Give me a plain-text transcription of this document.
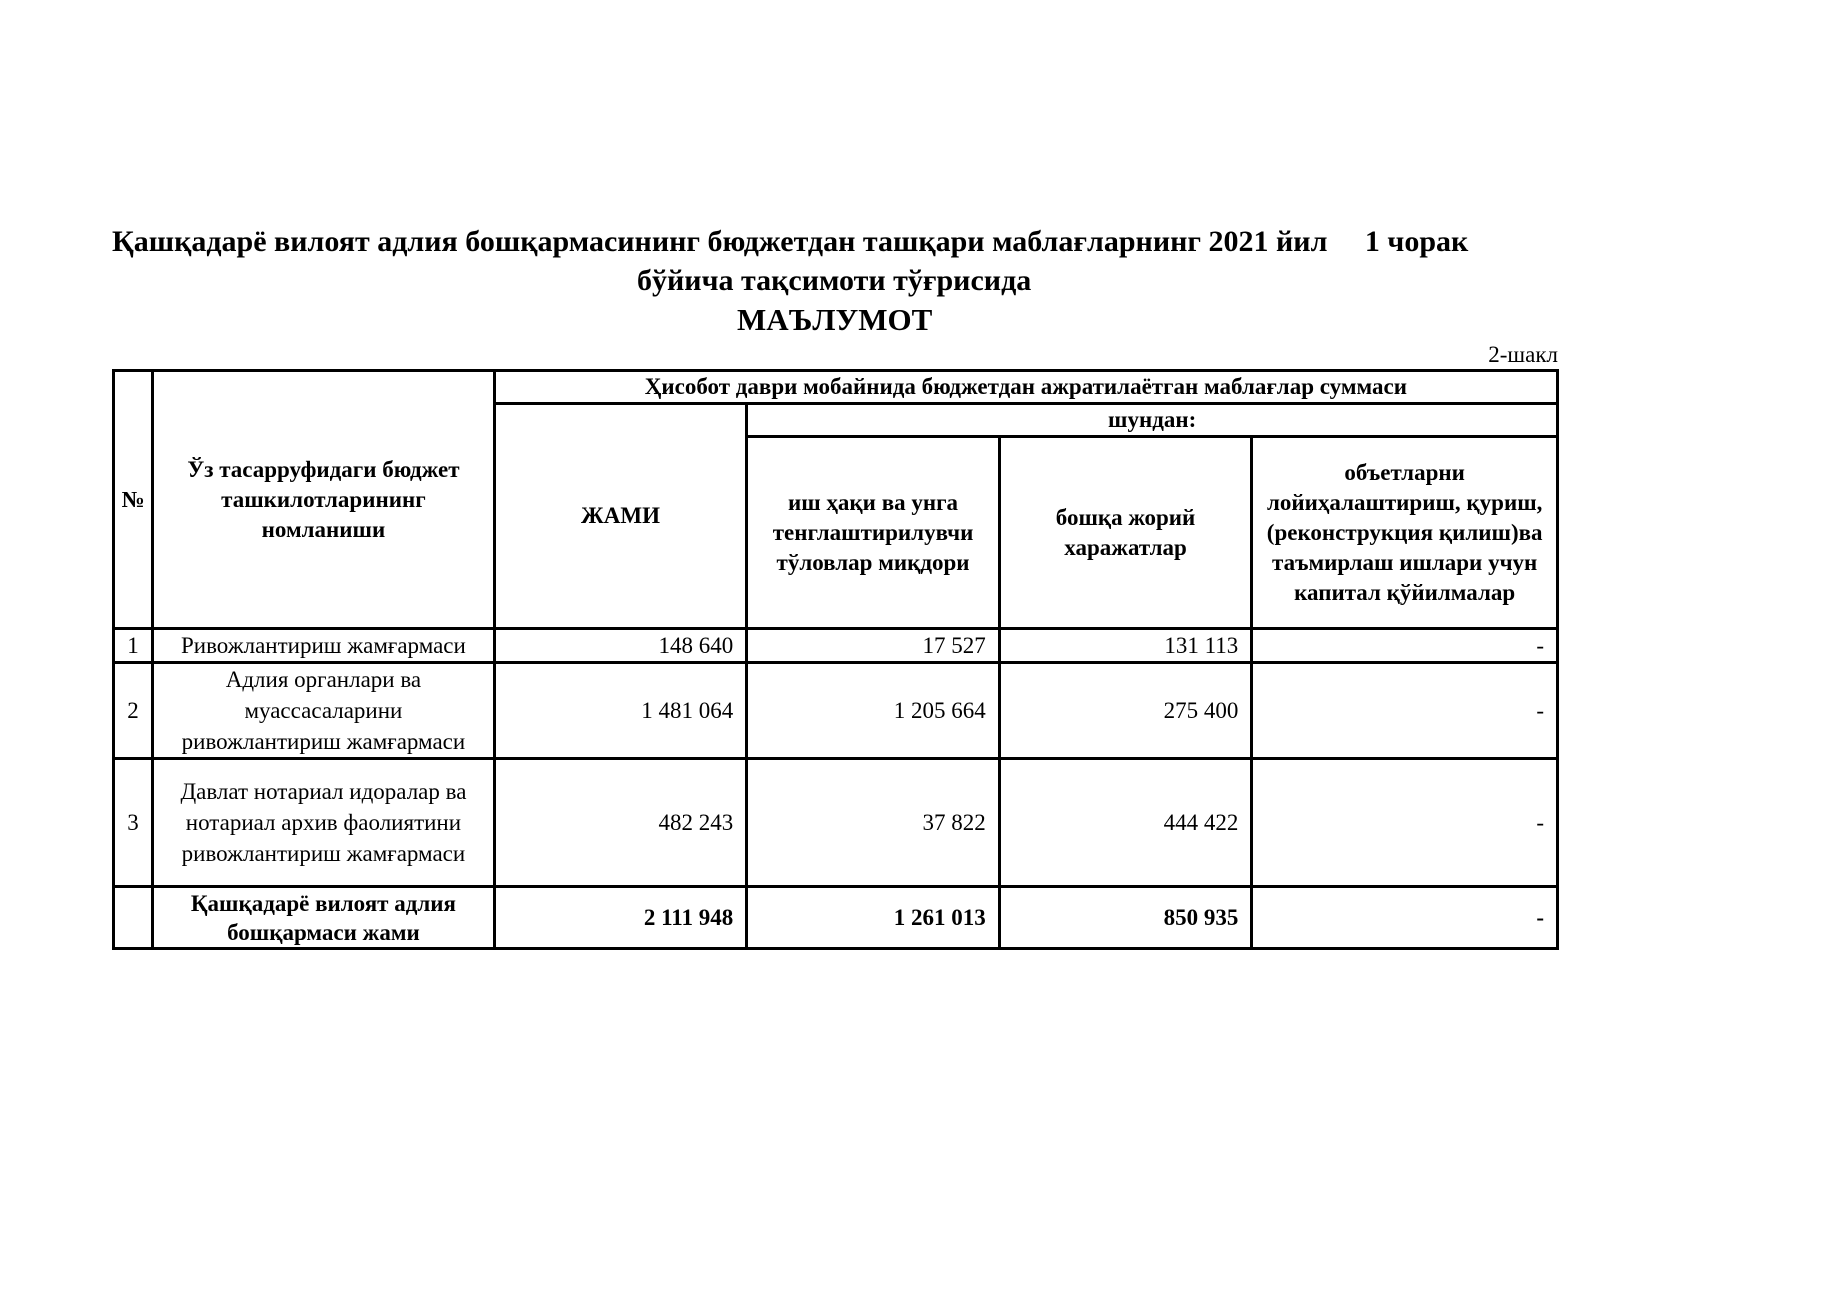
Қашқадарё вилоят адлия бошқармасининг бюджетдан ташқари маблағларнинг 2021 йил     1 чорак
бўйича тақсимоти тўғрисида
МАЪЛУМОТ
2-шакл
№	Ўз тасарруфидаги бюджет ташкилотларининг номланиши	Ҳисобот даври мобайнида бюджетдан ажратилаётган маблағлар суммаси			
		ЖАМИ	шундан:		
			иш ҳақи ва унга тенглаштирилувчи тўловлар миқдори	бошқа жорий харажатлар	объетларни лойиҳалаштириш, қуриш, (реконструкция қилиш)ва таъмирлаш ишлари учун капитал қўйилмалар
1	Ривожлантириш жамғармаси	148 640	17 527	131 113	-
2	Адлия органлари ва муассасаларини ривожлантириш жамғармаси	1 481 064	1 205 664	275 400	-
3	Давлат нотариал идоралар ва нотариал архив фаолиятини ривожлантириш жамғармаси	482 243	37 822	444 422	-
	Қашқадарё вилоят адлия бошқармаси жами	2 111 948	1 261 013	850 935	-
